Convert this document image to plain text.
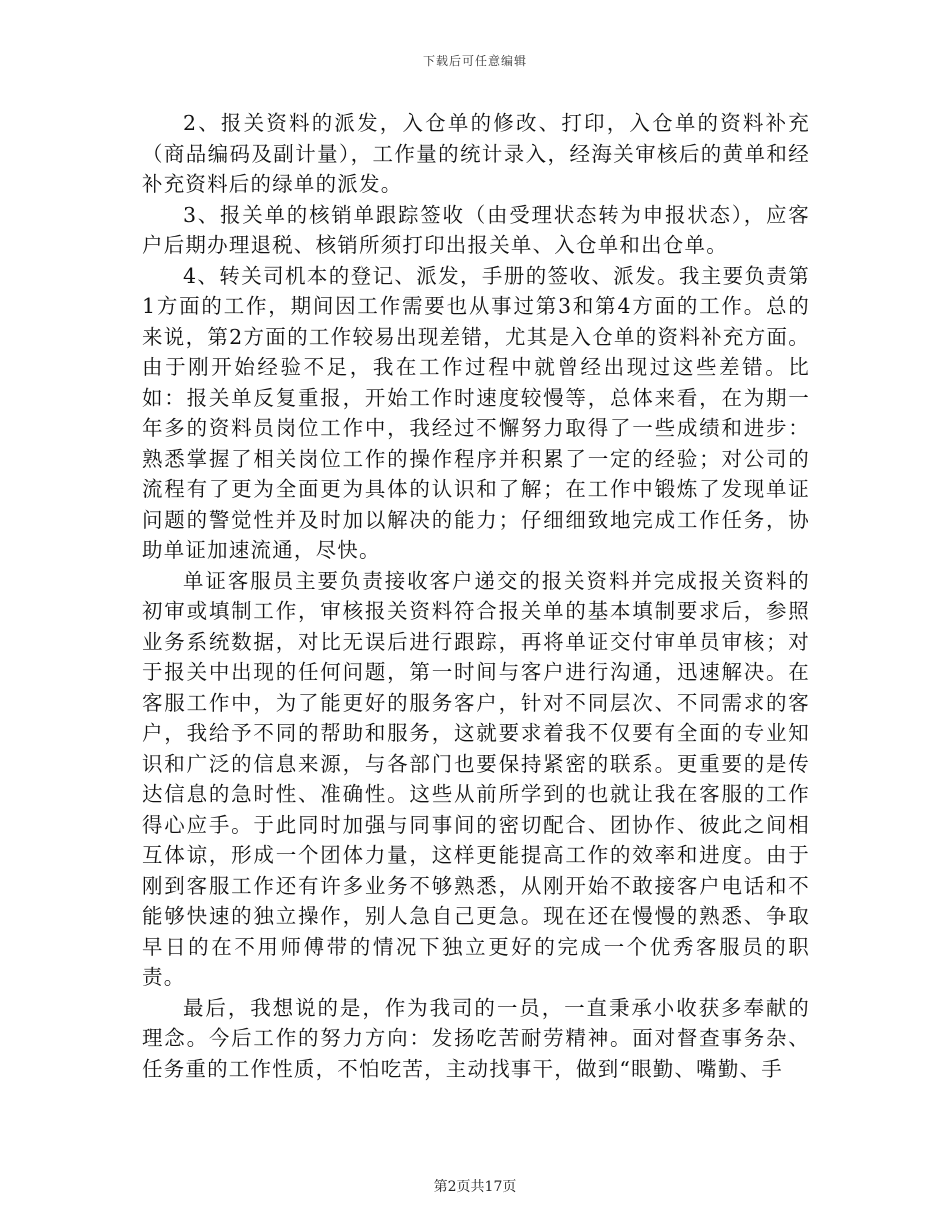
下载后可任意编辑

2、报关资料的派发，入仓单的修改、打印，入仓单的资料补充（商品编码及副计量），工作量的统计录入，经海关审核后的黄单和经补充资料后的绿单的派发。

3、报关单的核销单跟踪签收（由受理状态转为申报状态），应客户后期办理退税、核销所须打印出报关单、入仓单和出仓单。

4、转关司机本的登记、派发，手册的签收、派发。我主要负责第1方面的工作，期间因工作需要也从事过第3和第4方面的工作。总的来说，第2方面的工作较易出现差错，尤其是入仓单的资料补充方面。由于刚开始经验不足，我在工作过程中就曾经出现过这些差错。比如：报关单反复重报，开始工作时速度较慢等，总体来看，在为期一年多的资料员岗位工作中，我经过不懈努力取得了一些成绩和进步：熟悉掌握了相关岗位工作的操作程序并积累了一定的经验；对公司的流程有了更为全面更为具体的认识和了解；在工作中锻炼了发现单证问题的警觉性并及时加以解决的能力；仔细细致地完成工作任务，协助单证加速流通，尽快。

单证客服员主要负责接收客户递交的报关资料并完成报关资料的初审或填制工作，审核报关资料符合报关单的基本填制要求后，参照业务系统数据，对比无误后进行跟踪，再将单证交付审单员审核；对于报关中出现的任何问题，第一时间与客户进行沟通，迅速解决。在客服工作中，为了能更好的服务客户，针对不同层次、不同需求的客户，我给予不同的帮助和服务，这就要求着我不仅要有全面的专业知识和广泛的信息来源，与各部门也要保持紧密的联系。更重要的是传达信息的急时性、准确性。这些从前所学到的也就让我在客服的工作得心应手。于此同时加强与同事间的密切配合、团协作、彼此之间相互体谅，形成一个团体力量，这样更能提高工作的效率和进度。由于刚到客服工作还有许多业务不够熟悉，从刚开始不敢接客户电话和不能够快速的独立操作，别人急自己更急。现在还在慢慢的熟悉、争取早日的在不用师傅带的情况下独立更好的完成一个优秀客服员的职责。

最后，我想说的是，作为我司的一员，一直秉承小收获多奉献的理念。今后工作的努力方向：发扬吃苦耐劳精神。面对督查事务杂、任务重的工作性质，不怕吃苦，主动找事干，做到“眼勤、嘴勤、手

第2页共17页
